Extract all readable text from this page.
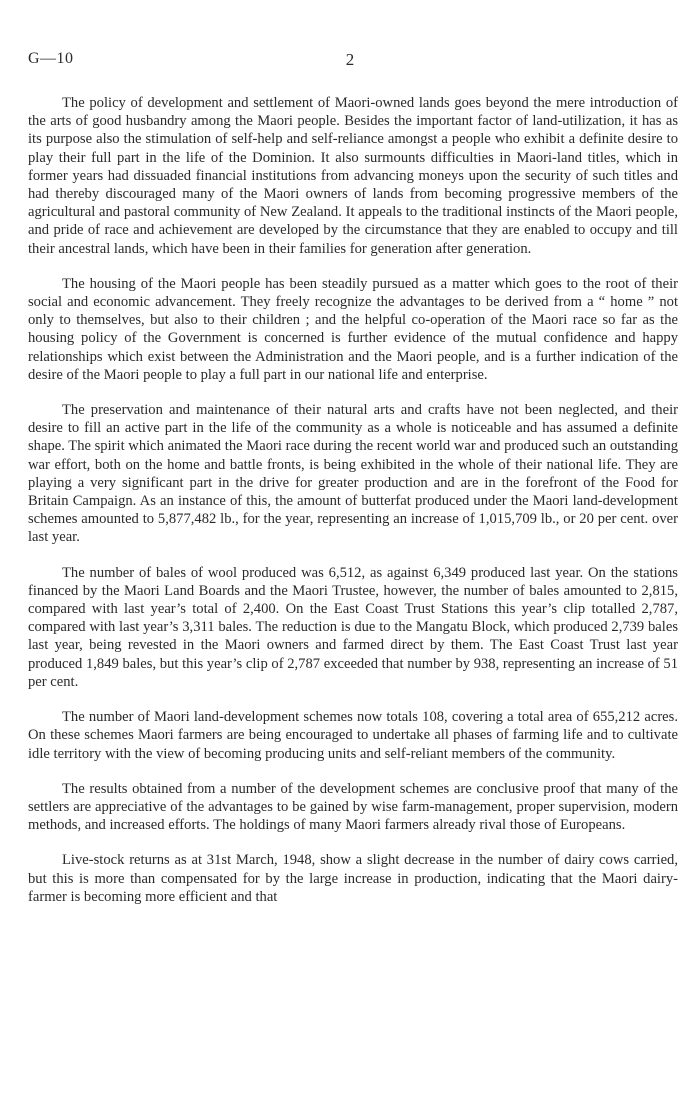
G—10	2

The policy of development and settlement of Maori-owned lands goes beyond the mere introduction of the arts of good husbandry among the Maori people. Besides the important factor of land-utilization, it has as its purpose also the stimulation of self-help and self-reliance amongst a people who exhibit a definite desire to play their full part in the life of the Dominion. It also surmounts difficulties in Maori-land titles, which in former years had dissuaded financial institutions from advancing moneys upon the security of such titles and had thereby discouraged many of the Maori owners of lands from becoming progressive members of the agricultural and pastoral community of New Zealand. It appeals to the traditional instincts of the Maori people, and pride of race and achievement are developed by the circumstance that they are enabled to occupy and till their ancestral lands, which have been in their families for generation after generation.

The housing of the Maori people has been steadily pursued as a matter which goes to the root of their social and economic advancement. They freely recognize the advantages to be derived from a “ home ” not only to themselves, but also to their children ; and the helpful co-operation of the Maori race so far as the housing policy of the Government is concerned is further evidence of the mutual confidence and happy relationships which exist between the Administration and the Maori people, and is a further indication of the desire of the Maori people to play a full part in our national life and enterprise.

The preservation and maintenance of their natural arts and crafts have not been neglected, and their desire to fill an active part in the life of the community as a whole is noticeable and has assumed a definite shape. The spirit which animated the Maori race during the recent world war and produced such an outstanding war effort, both on the home and battle fronts, is being exhibited in the whole of their national life. They are playing a very significant part in the drive for greater production and are in the forefront of the Food for Britain Campaign. As an instance of this, the amount of butterfat produced under the Maori land-development schemes amounted to 5,877,482 lb., for the year, representing an increase of 1,015,709 lb., or 20 per cent. over last year.

The number of bales of wool produced was 6,512, as against 6,349 produced last year. On the stations financed by the Maori Land Boards and the Maori Trustee, however, the number of bales amounted to 2,815, compared with last year’s total of 2,400. On the East Coast Trust Stations this year’s clip totalled 2,787, compared with last year’s 3,311 bales. The reduction is due to the Mangatu Block, which produced 2,739 bales last year, being revested in the Maori owners and farmed direct by them. The East Coast Trust last year produced 1,849 bales, but this year’s clip of 2,787 exceeded that number by 938, representing an increase of 51 per cent.

The number of Maori land-development schemes now totals 108, covering a total area of 655,212 acres. On these schemes Maori farmers are being encouraged to undertake all phases of farming life and to cultivate idle territory with the view of becoming producing units and self-reliant members of the community.

The results obtained from a number of the development schemes are conclusive proof that many of the settlers are appreciative of the advantages to be gained by wise farm-management, proper supervision, modern methods, and increased efforts. The holdings of many Maori farmers already rival those of Europeans.

Live-stock returns as at 31st March, 1948, show a slight decrease in the number of dairy cows carried, but this is more than compensated for by the large increase in production, indicating that the Maori dairy-farmer is becoming more efficient and that
